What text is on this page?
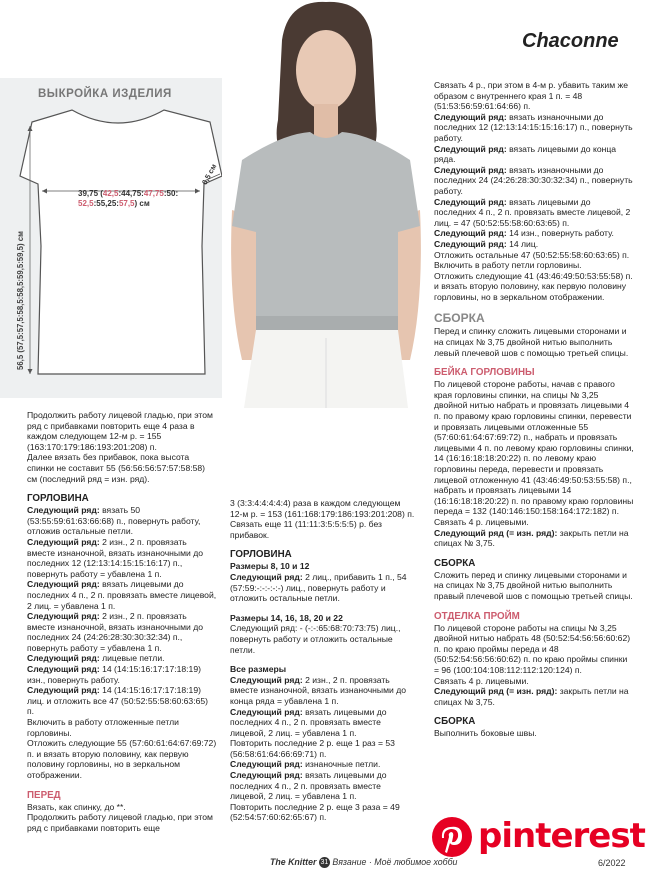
Chaconne
ВЫКРОЙКА ИЗДЕЛИЯ
39,75 (42,5:44,75:47,75:50:
52,5:55,25:57,5) см
6,5 см
56,5 (57,5:57,5:58,5:58,5:59,5:59,5) см

Продолжить работу лицевой гладью, при этом ряд с прибавками повторить еще 4 раза в каждом следующем 12-м р. = 155 (163:170:179:186:193:201:208) п.

Далее вязать без прибавок, пока высота спинки не составит 55 (56:56:56:57:57:58:58) см (последний ряд = изн. ряд).

ГОРЛОВИНА

Следующий ряд: вязать 50 (53:55:59:61:63:66:68) п., повернуть работу, отложив остальные петли.

Следующий ряд: 2 изн., 2 п. провязать вместе изнаночной, вязать изнаночными до последних 12 (12:13:14:15:15:16:17) п., повернуть работу = убавлена 1 п.

Следующий ряд: вязать лицевыми до последних 4 п., 2 п. провязать вместе лицевой, 2 лиц. = убавлена 1 п.

Следующий ряд: 2 изн., 2 п. провязать вместе изнаночной, вязать изнаночными до последних 24 (24:26:28:30:30:32:34) п., повернуть работу = убавлена 1 п.

Следующий ряд: лицевые петли.

Следующий ряд: 14 (14:15:16:17:17:18:19) изн., повернуть работу.

Следующий ряд: 14 (14:15:16:17:17:18:19) лиц. и отложить все 47 (50:52:55:58:60:63:65) п.

Включить в работу отложенные петли горловины.

Отложить следующие 55 (57:60:61:64:67:69:72) п. и вязать вторую половину, как первую половину горловины, но в зеркальном отображении.

ПЕРЕД

Вязать, как спинку, до **.

Продолжить работу лицевой гладью, при этом ряд с прибавками повторить еще

3 (3:3:4:4:4:4:4) раза в каждом следующем 12-м р. = 153 (161:168:179:186:193:201:208) п. Связать еще 11 (11:11:3:5:5:5:5) р. без прибавок.

ГОРЛОВИНА

Размеры 8, 10 и 12

Следующий ряд: 2 лиц., прибавить 1 п., 54 (57:59:-:-:-:-:-) лиц., повернуть работу и отложить остальные петли.

Размеры 14, 16, 18, 20 и 22

Следующий ряд: - (-:-:65:68:70:73:75) лиц., повернуть работу и отложить остальные петли.

Все размеры

Следующий ряд: 2 изн., 2 п. провязать вместе изнаночной, вязать изнаночными до конца ряда = убавлена 1 п.

Следующий ряд: вязать лицевыми до последних 4 п., 2 п. провязать вместе лицевой, 2 лиц. = убавлена 1 п.

Повторить последние 2 р. еще 1 раз = 53 (56:58:61:64:66:69:71) п.

Следующий ряд: изнаночные петли.

Следующий ряд: вязать лицевыми до последних 4 п., 2 п. провязать вместе лицевой, 2 лиц. = убавлена 1 п.

Повторить последние 2 р. еще 3 раза = 49 (52:54:57:60:62:65:67) п.

Связать 4 р., при этом в 4-м р. убавить таким же образом с внутреннего края 1 п. = 48 (51:53:56:59:61:64:66) п.

Следующий ряд: вязать изнаночными до последних 12 (12:13:14:15:15:16:17) п., повернуть работу.

Следующий ряд: вязать лицевыми до конца ряда.

Следующий ряд: вязать изнаночными до последних 24 (24:26:28:30:30:32:34) п., повернуть работу.

Следующий ряд: вязать лицевыми до последних 4 п., 2 п. провязать вместе лицевой, 2 лиц. = 47 (50:52:55:58:60:63:65) п.

Следующий ряд: 14 изн., повернуть работу.

Следующий ряд: 14 лиц.

Отложить остальные 47 (50:52:55:58:60:63:65) п.

Включить в работу петли горловины.

Отложить следующие 41 (43:46:49:50:53:55:58) п. и вязать вторую половину, как первую половину горловины, но в зеркальном отображении.

СБОРКА

Перед и спинку сложить лицевыми сторонами и на спицах № 3,75 двойной нитью выполнить левый плечевой шов с помощью третьей спицы.

БЕЙКА ГОРЛОВИНЫ

По лицевой стороне работы, начав с правого края горловины спинки, на спицы № 3,25 двойной нитью набрать и провязать лицевыми 4 п. по правому краю горловины спинки, перевести и провязать лицевыми отложенные 55 (57:60:61:64:67:69:72) п., набрать и провязать лицевыми 4 п. по левому краю горловины спинки, 14 (16:16:18:18:20:22) п. по левому краю горловины переда, перевести и провязать лицевой отложенную 41 (43:46:49:50:53:55:58) п., набрать и провязать лицевыми 14 (16:16:18:18:20:22) п. по правому краю горловины переда = 132 (140:146:150:158:164:172:182) п.

Связать 4 р. лицевыми.

Следующий ряд (= изн. ряд): закрыть петли на спицах № 3,75.

СБОРКА

Сложить перед и спинку лицевыми сторонами и на спицах № 3,75 двойной нитью выполнить правый плечевой шов с помощью третьей спицы.

ОТДЕЛКА ПРОЙМ

По лицевой стороне работы на спицы № 3,25 двойной нитью набрать 48 (50:52:54:56:56:60:62) п. по краю проймы переда и 48 (50:52:54:56:56:60:62) п. по краю проймы спинки = 96 (100:104:108:112:112:120:124) п.

Связать 4 р. лицевыми.

Следующий ряд (= изн. ряд): закрыть петли на спицах № 3,75.

СБОРКА

Выполнить боковые швы.

pinterest
The Knitter 31 Вязание · Моё любимое хобби	6/2022
